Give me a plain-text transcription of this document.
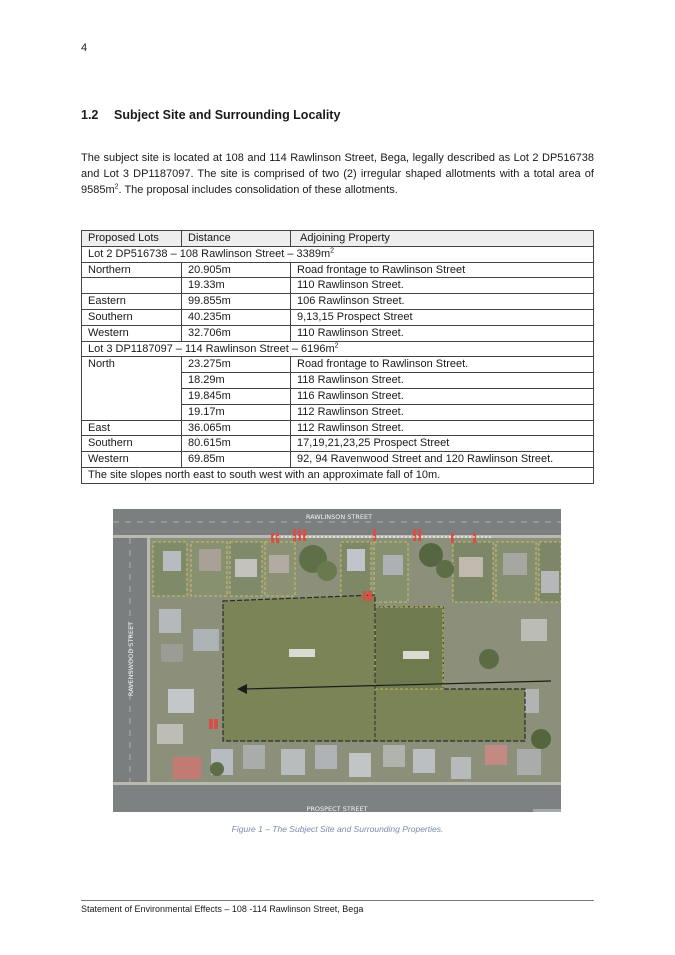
4
1.2 Subject Site and Surrounding Locality

The subject site is located at 108 and 114 Rawlinson Street, Bega, legally described as Lot 2 DP516738 and Lot 3 DP1187097. The site is comprised of two (2) irregular shaped allotments with a total area of $9585m^2$. The proposal includes consolidation of these allotments.

Proposed Lots	Distance	Adjoining Property
Lot 2 DP516738 – 108 Rawlinson Street – $3389m^2$
Northern	20.905m	Road frontage to Rawlinson Street
	19.33m	110 Rawlinson Street.
Eastern	99.855m	106 Rawlinson Street.
Southern	40.235m	9,13,15 Prospect Street
Western	32.706m	110 Rawlinson Street.
Lot 3 DP1187097 – 114 Rawlinson Street – $6196m^2$
North	23.275m	Road frontage to Rawlinson Street.
	18.29m	118 Rawlinson Street.
	19.845m	116 Rawlinson Street.
	19.17m	112 Rawlinson Street.
East	36.065m	112 Rawlinson Street.
Southern	80.615m	17,19,21,23,25 Prospect Street
Western	69.85m	92, 94 Ravenwood Street and 120 Rawlinson Street.
The site slopes north east to south west with an approximate fall of 10m.		
RAWLINSON STREET
RAVENSWOOD STREET
PROSPECT STREET
Figure 1 – The Subject Site and Surrounding Properties.
Statement of Environmental Effects – 108 -114 Rawlinson Street, Bega
